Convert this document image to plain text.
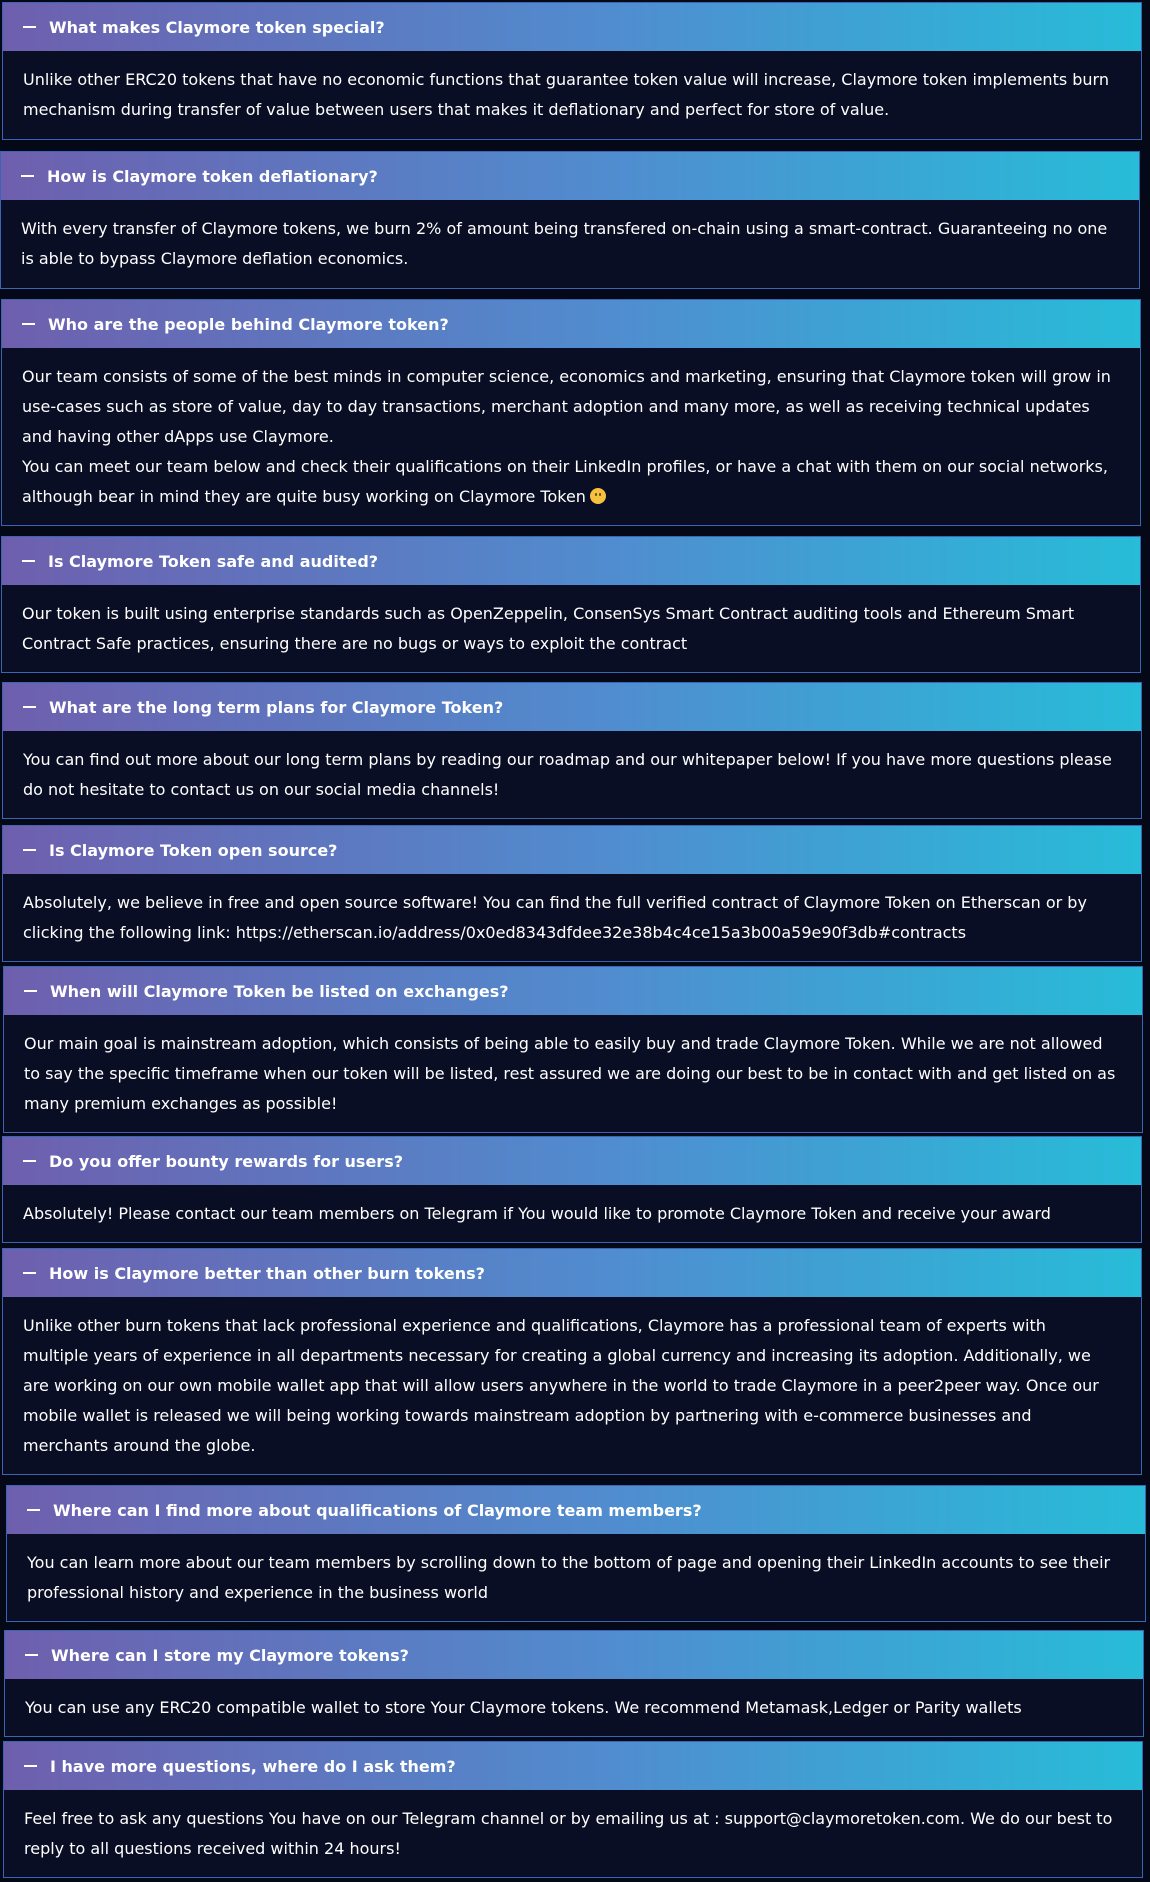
What makes Claymore token special?

Unlike other ERC20 tokens that have no economic functions that guarantee token value will increase, Claymore token implements burn mechanism during transfer of value between users that makes it deflationary and perfect for store of value.

How is Claymore token deflationary?

With every transfer of Claymore tokens, we burn 2% of amount being transfered on-chain using a smart-contract. Guaranteeing no one is able to bypass Claymore deflation economics.

Who are the people behind Claymore token?

Our team consists of some of the best minds in computer science, economics and marketing, ensuring that Claymore token will grow in use-cases such as store of value, day to day transactions, merchant adoption and many more, as well as receiving technical updates and having other dApps use Claymore.

You can meet our team below and check their qualifications on their LinkedIn profiles, or have a chat with them on our social networks, although bear in mind they are quite busy working on Claymore Token

Is Claymore Token safe and audited?

Our token is built using enterprise standards such as OpenZeppelin, ConsenSys Smart Contract auditing tools and Ethereum Smart Contract Safe practices, ensuring there are no bugs or ways to exploit the contract

What are the long term plans for Claymore Token?

You can find out more about our long term plans by reading our roadmap and our whitepaper below! If you have more questions please do not hesitate to contact us on our social media channels!

Is Claymore Token open source?

Absolutely, we believe in free and open source software! You can find the full verified contract of Claymore Token on Etherscan or by clicking the following link: https://etherscan.io/address/0x0ed8343dfdee32e38b4c4ce15a3b00a59e90f3db#contracts

When will Claymore Token be listed on exchanges?

Our main goal is mainstream adoption, which consists of being able to easily buy and trade Claymore Token. While we are not allowed to say the specific timeframe when our token will be listed, rest assured we are doing our best to be in contact with and get listed on as many premium exchanges as possible!

Do you offer bounty rewards for users?

Absolutely! Please contact our team members on Telegram if You would like to promote Claymore Token and receive your award

How is Claymore better than other burn tokens?

Unlike other burn tokens that lack professional experience and qualifications, Claymore has a professional team of experts with multiple years of experience in all departments necessary for creating a global currency and increasing its adoption. Additionally, we are working on our own mobile wallet app that will allow users anywhere in the world to trade Claymore in a peer2peer way. Once our mobile wallet is released we will being working towards mainstream adoption by partnering with e-commerce businesses and merchants around the globe.

Where can I find more about qualifications of Claymore team members?

You can learn more about our team members by scrolling down to the bottom of page and opening their LinkedIn accounts to see their professional history and experience in the business world

Where can I store my Claymore tokens?

You can use any ERC20 compatible wallet to store Your Claymore tokens. We recommend Metamask,Ledger or Parity wallets

I have more questions, where do I ask them?

Feel free to ask any questions You have on our Telegram channel or by emailing us at : support@claymoretoken.com. We do our best to reply to all questions received within 24 hours!
